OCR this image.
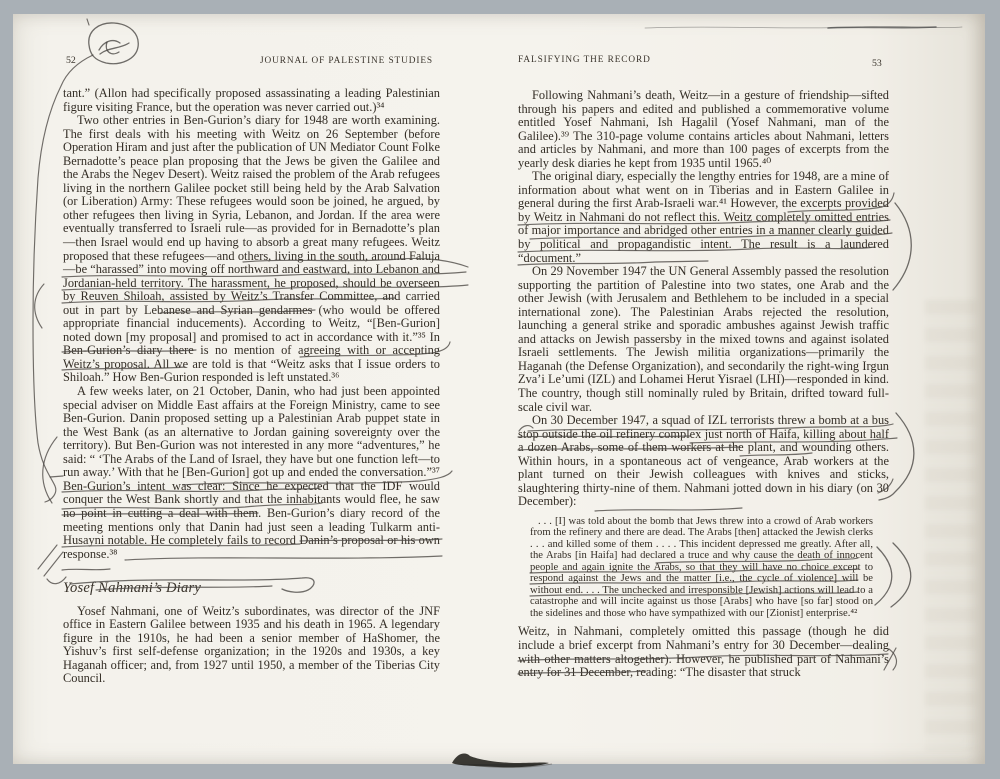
52	JOURNAL OF PALESTINE STUDIES	FALSIFYING THE RECORD	53

tant.” (Allon had specifically proposed assassinating a leading Palestinian figure visiting France, but the operation was never carried out.)³⁴

Two other entries in Ben-Gurion’s diary for 1948 are worth examining. The first deals with his meeting with Weitz on 26 September (before Operation Hiram and just after the publication of UN Mediator Count Folke Bernadotte’s peace plan proposing that the Jews be given the Galilee and the Arabs the Negev Desert). Weitz raised the problem of the Arab refugees living in the northern Galilee pocket still being held by the Arab Salvation (or Liberation) Army: These refugees would soon be joined, he argued, by other refugees then living in Syria, Lebanon, and Jordan. If the area were eventually transferred to Israeli rule—as provided for in Bernadotte’s plan—then Israel would end up having to absorb a great many refugees. Weitz proposed that these refugees—and others, living in the south, around Faluja—be “harassed” into moving off northward and eastward, into Lebanon and Jordanian-held territory. The harassment, he proposed, should be overseen by Reuven Shiloah, assisted by Weitz’s Transfer Committee, and carried out in part by Lebanese and Syrian gendarmes (who would be offered appropriate financial inducements). According to Weitz, “[Ben-Gurion] noted down [my proposal] and promised to act in accordance with it.”³⁵ In Ben-Gurion’s diary there is no mention of agreeing with or accepting Weitz’s proposal. All we are told is that “Weitz asks that I issue orders to Shiloah.” How Ben-Gurion responded is left unstated.³⁶

A few weeks later, on 21 October, Danin, who had just been appointed special adviser on Middle East affairs at the Foreign Ministry, came to see Ben-Gurion. Danin proposed setting up a Palestinian Arab puppet state in the West Bank (as an alternative to Jordan gaining sovereignty over the territory). But Ben-Gurion was not interested in any more “adventures,” he said: “ ‘The Arabs of the Land of Israel, they have but one function left—to run away.’ With that he [Ben-Gurion] got up and ended the conversation.”³⁷ Ben-Gurion’s intent was clear: Since he expected that the IDF would conquer the West Bank shortly and that the inhabitants would flee, he saw no point in cutting a deal with them. Ben-Gurion’s diary record of the meeting mentions only that Danin had just seen a leading Tulkarm anti-Husayni notable. He completely fails to record Danin’s proposal or his own response.³⁸

Yosef Nahmani’s Diary

Yosef Nahmani, one of Weitz’s subordinates, was director of the JNF office in Eastern Galilee between 1935 and his death in 1965. A legendary figure in the 1910s, he had been a senior member of HaShomer, the Yishuv’s first self-defense organization; in the 1920s and 1930s, a key Haganah officer; and, from 1927 until 1950, a member of the Tiberias City Council.

Following Nahmani’s death, Weitz—in a gesture of friendship—sifted through his papers and edited and published a commemorative volume entitled Yosef Nahmani, Ish Hagalil (Yosef Nahmani, man of the Galilee).³⁹ The 310-page volume contains articles about Nahmani, letters and articles by Nahmani, and more than 100 pages of excerpts from the yearly desk diaries he kept from 1935 until 1965.⁴⁰

The original diary, especially the lengthy entries for 1948, are a mine of information about what went on in Tiberias and in Eastern Galilee in general during the first Arab-Israeli war.⁴¹ However, the excerpts provided by Weitz in Nahmani do not reflect this. Weitz completely omitted entries of major importance and abridged other entries in a manner clearly guided by political and propagandistic intent. The result is a laundered “document.”

On 29 November 1947 the UN General Assembly passed the resolution supporting the partition of Palestine into two states, one Arab and the other Jewish (with Jerusalem and Bethlehem to be included in a special international zone). The Palestinian Arabs rejected the resolution, launching a general strike and sporadic ambushes against Jewish traffic and attacks on Jewish passersby in the mixed towns and against isolated Israeli settlements. The Jewish militia organizations—primarily the Haganah (the Defense Organization), and secondarily the right-wing Irgun Zva’i Le’umi (IZL) and Lohamei Herut Yisrael (LHI)—responded in kind. The country, though still nominally ruled by Britain, drifted toward full-scale civil war.

On 30 December 1947, a squad of IZL terrorists threw a bomb at a bus stop outside the oil refinery complex just north of Haifa, killing about half a dozen Arabs, some of them workers at the plant, and wounding others. Within hours, in a spontaneous act of vengeance, Arab workers at the plant turned on their Jewish colleagues with knives and sticks, slaughtering thirty-nine of them. Nahmani jotted down in his diary (on 30 December):

. . . [I] was told about the bomb that Jews threw into a crowd of Arab workers from the refinery and there are dead. The Arabs [then] attacked the Jewish clerks . . . and killed some of them . . . . This incident depressed me greatly. After all, the Arabs [in Haifa] had declared a truce and why cause the death of innocent people and again ignite the Arabs, so that they will have no choice except to respond against the Jews and the matter [i.e., the cycle of violence] will be without end. . . . The unchecked and irresponsible [Jewish] actions will lead to a catastrophe and will incite against us those [Arabs] who have [so far] stood on the sidelines and those who have sympathized with our [Zionist] enterprise.⁴²

Weitz, in Nahmani, completely omitted this passage (though he did include a brief excerpt from Nahmani’s entry for 30 December—dealing with other matters altogether). However, he published part of Nahmani’s entry for 31 December, reading: “The disaster that struck
